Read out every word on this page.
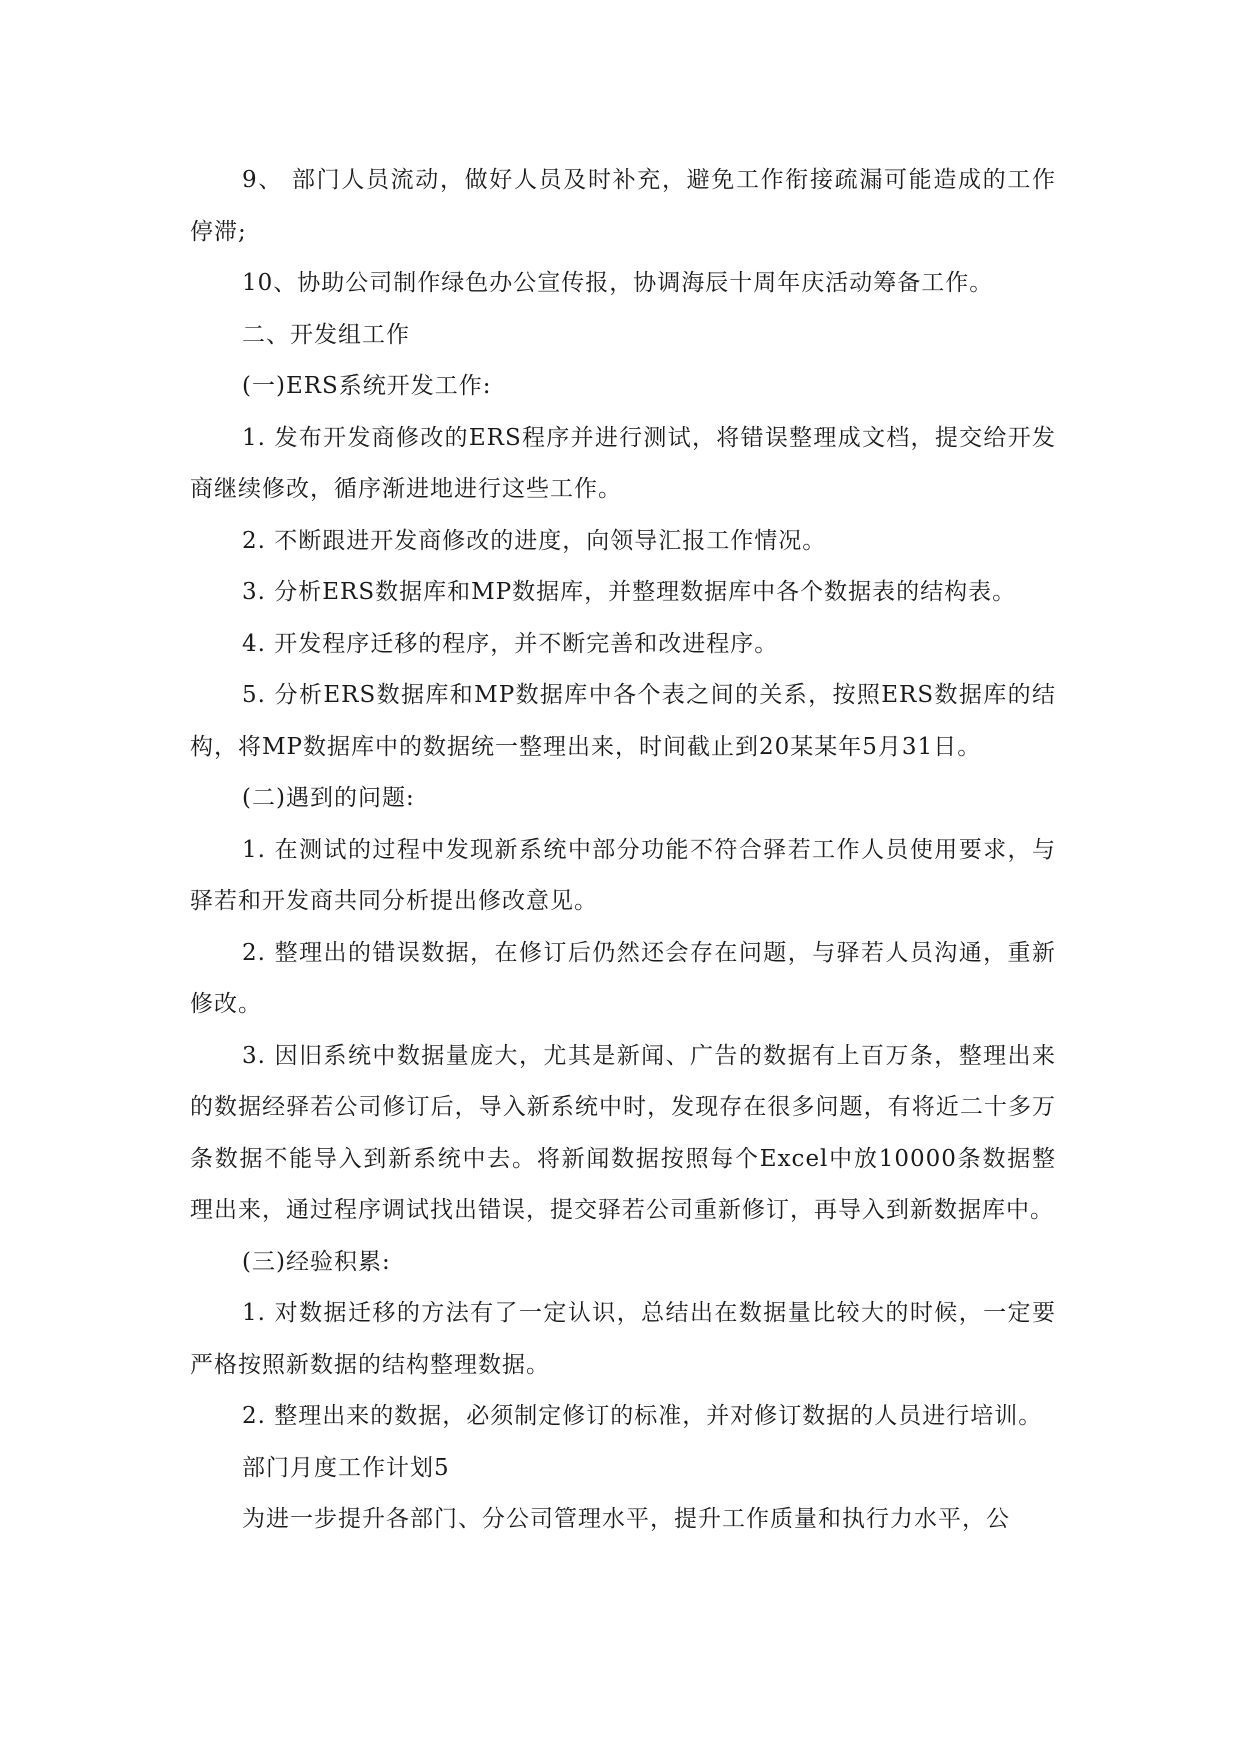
9、 部门人员流动，做好人员及时补充，避免工作衔接疏漏可能造成的工作停滞;

10、协助公司制作绿色办公宣传报，协调海辰十周年庆活动筹备工作。

二、开发组工作

(一)ERS系统开发工作:

1. 发布开发商修改的ERS程序并进行测试，将错误整理成文档，提交给开发商继续修改，循序渐进地进行这些工作。

2. 不断跟进开发商修改的进度，向领导汇报工作情况。

3. 分析ERS数据库和MP数据库，并整理数据库中各个数据表的结构表。

4. 开发程序迁移的程序，并不断完善和改进程序。

5. 分析ERS数据库和MP数据库中各个表之间的关系，按照ERS数据库的结构，将MP数据库中的数据统一整理出来，时间截止到20某某年5月31日。

(二)遇到的问题:

1. 在测试的过程中发现新系统中部分功能不符合驿若工作人员使用要求，与驿若和开发商共同分析提出修改意见。

2. 整理出的错误数据，在修订后仍然还会存在问题，与驿若人员沟通，重新修改。

3. 因旧系统中数据量庞大，尤其是新闻、广告的数据有上百万条，整理出来的数据经驿若公司修订后，导入新系统中时，发现存在很多问题，有将近二十多万条数据不能导入到新系统中去。将新闻数据按照每个Excel中放10000条数据整理出来，通过程序调试找出错误，提交驿若公司重新修订，再导入到新数据库中。

(三)经验积累:

1. 对数据迁移的方法有了一定认识，总结出在数据量比较大的时候，一定要严格按照新数据的结构整理数据。

2. 整理出来的数据，必须制定修订的标准，并对修订数据的人员进行培训。

部门月度工作计划5

为进一步提升各部门、分公司管理水平，提升工作质量和执行力水平，公
